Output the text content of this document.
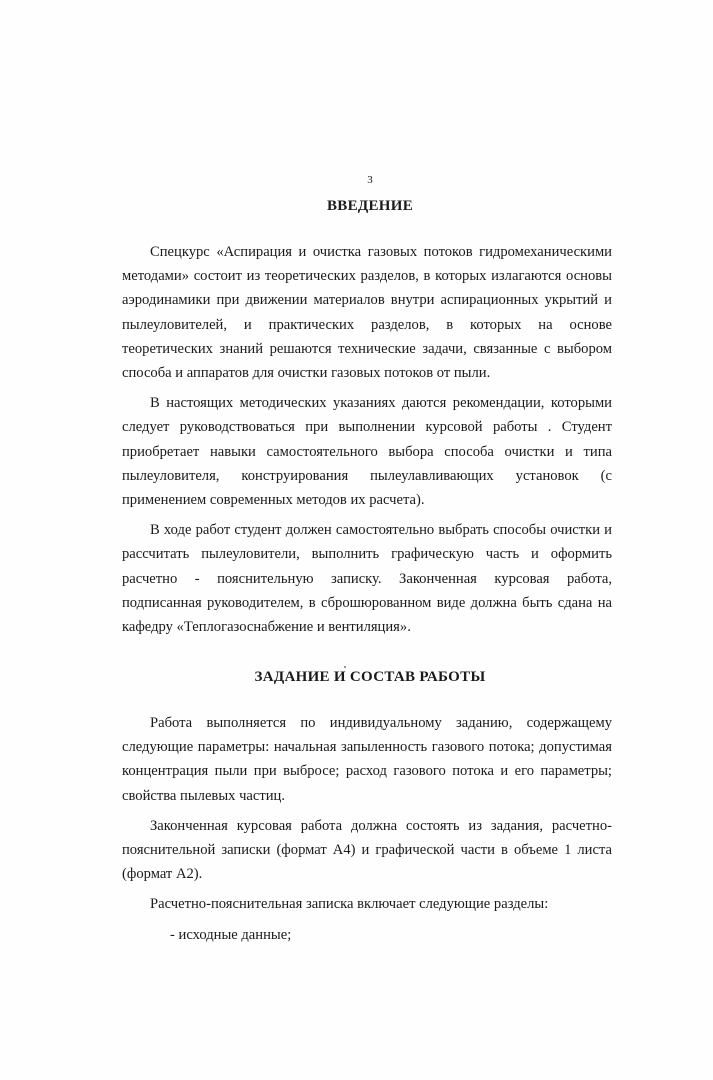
3
ВВЕДЕНИЕ

Спецкурс «Аспирация и очистка газовых потоков гидромеханическими методами» состоит из теоретических разделов, в которых излагаются основы аэродинамики при движении материалов внутри аспирационных укрытий и пылеуловителей, и практических разделов, в которых на основе теоретических знаний решаются технические задачи, связанные с выбором способа и аппаратов для очистки газовых потоков от пыли.

В настоящих методических указаниях даются рекомендации, которыми следует руководствоваться при выполнении курсовой работы . Студент приобретает навыки самостоятельного выбора способа очистки и типа пылеуловителя, конструирования пылеулавливающих установок (с применением современных методов их расчета).

В ходе работ студент должен самостоятельно выбрать способы очистки и рассчитать пылеуловители, выполнить графическую часть и оформить расчетно - пояснительную записку. Законченная курсовая работа, подписанная руководителем, в сброшюрованном виде должна быть сдана на кафедру «Теплогазоснабжение и вентиляция».

ЗАДАНИЕ И СОСТАВ РАБОТЫ

Работа выполняется по индивидуальному заданию, содержащему следующие параметры: начальная запыленность газового потока; допустимая концентрация пыли при выбросе; расход газового потока и его параметры; свойства пылевых частиц.

Законченная курсовая работа должна состоять из задания, расчетно-пояснительной записки (формат А4) и графической части в объеме 1 листа (формат А2).

Расчетно-пояснительная записка включает следующие разделы:

- исходные данные;
